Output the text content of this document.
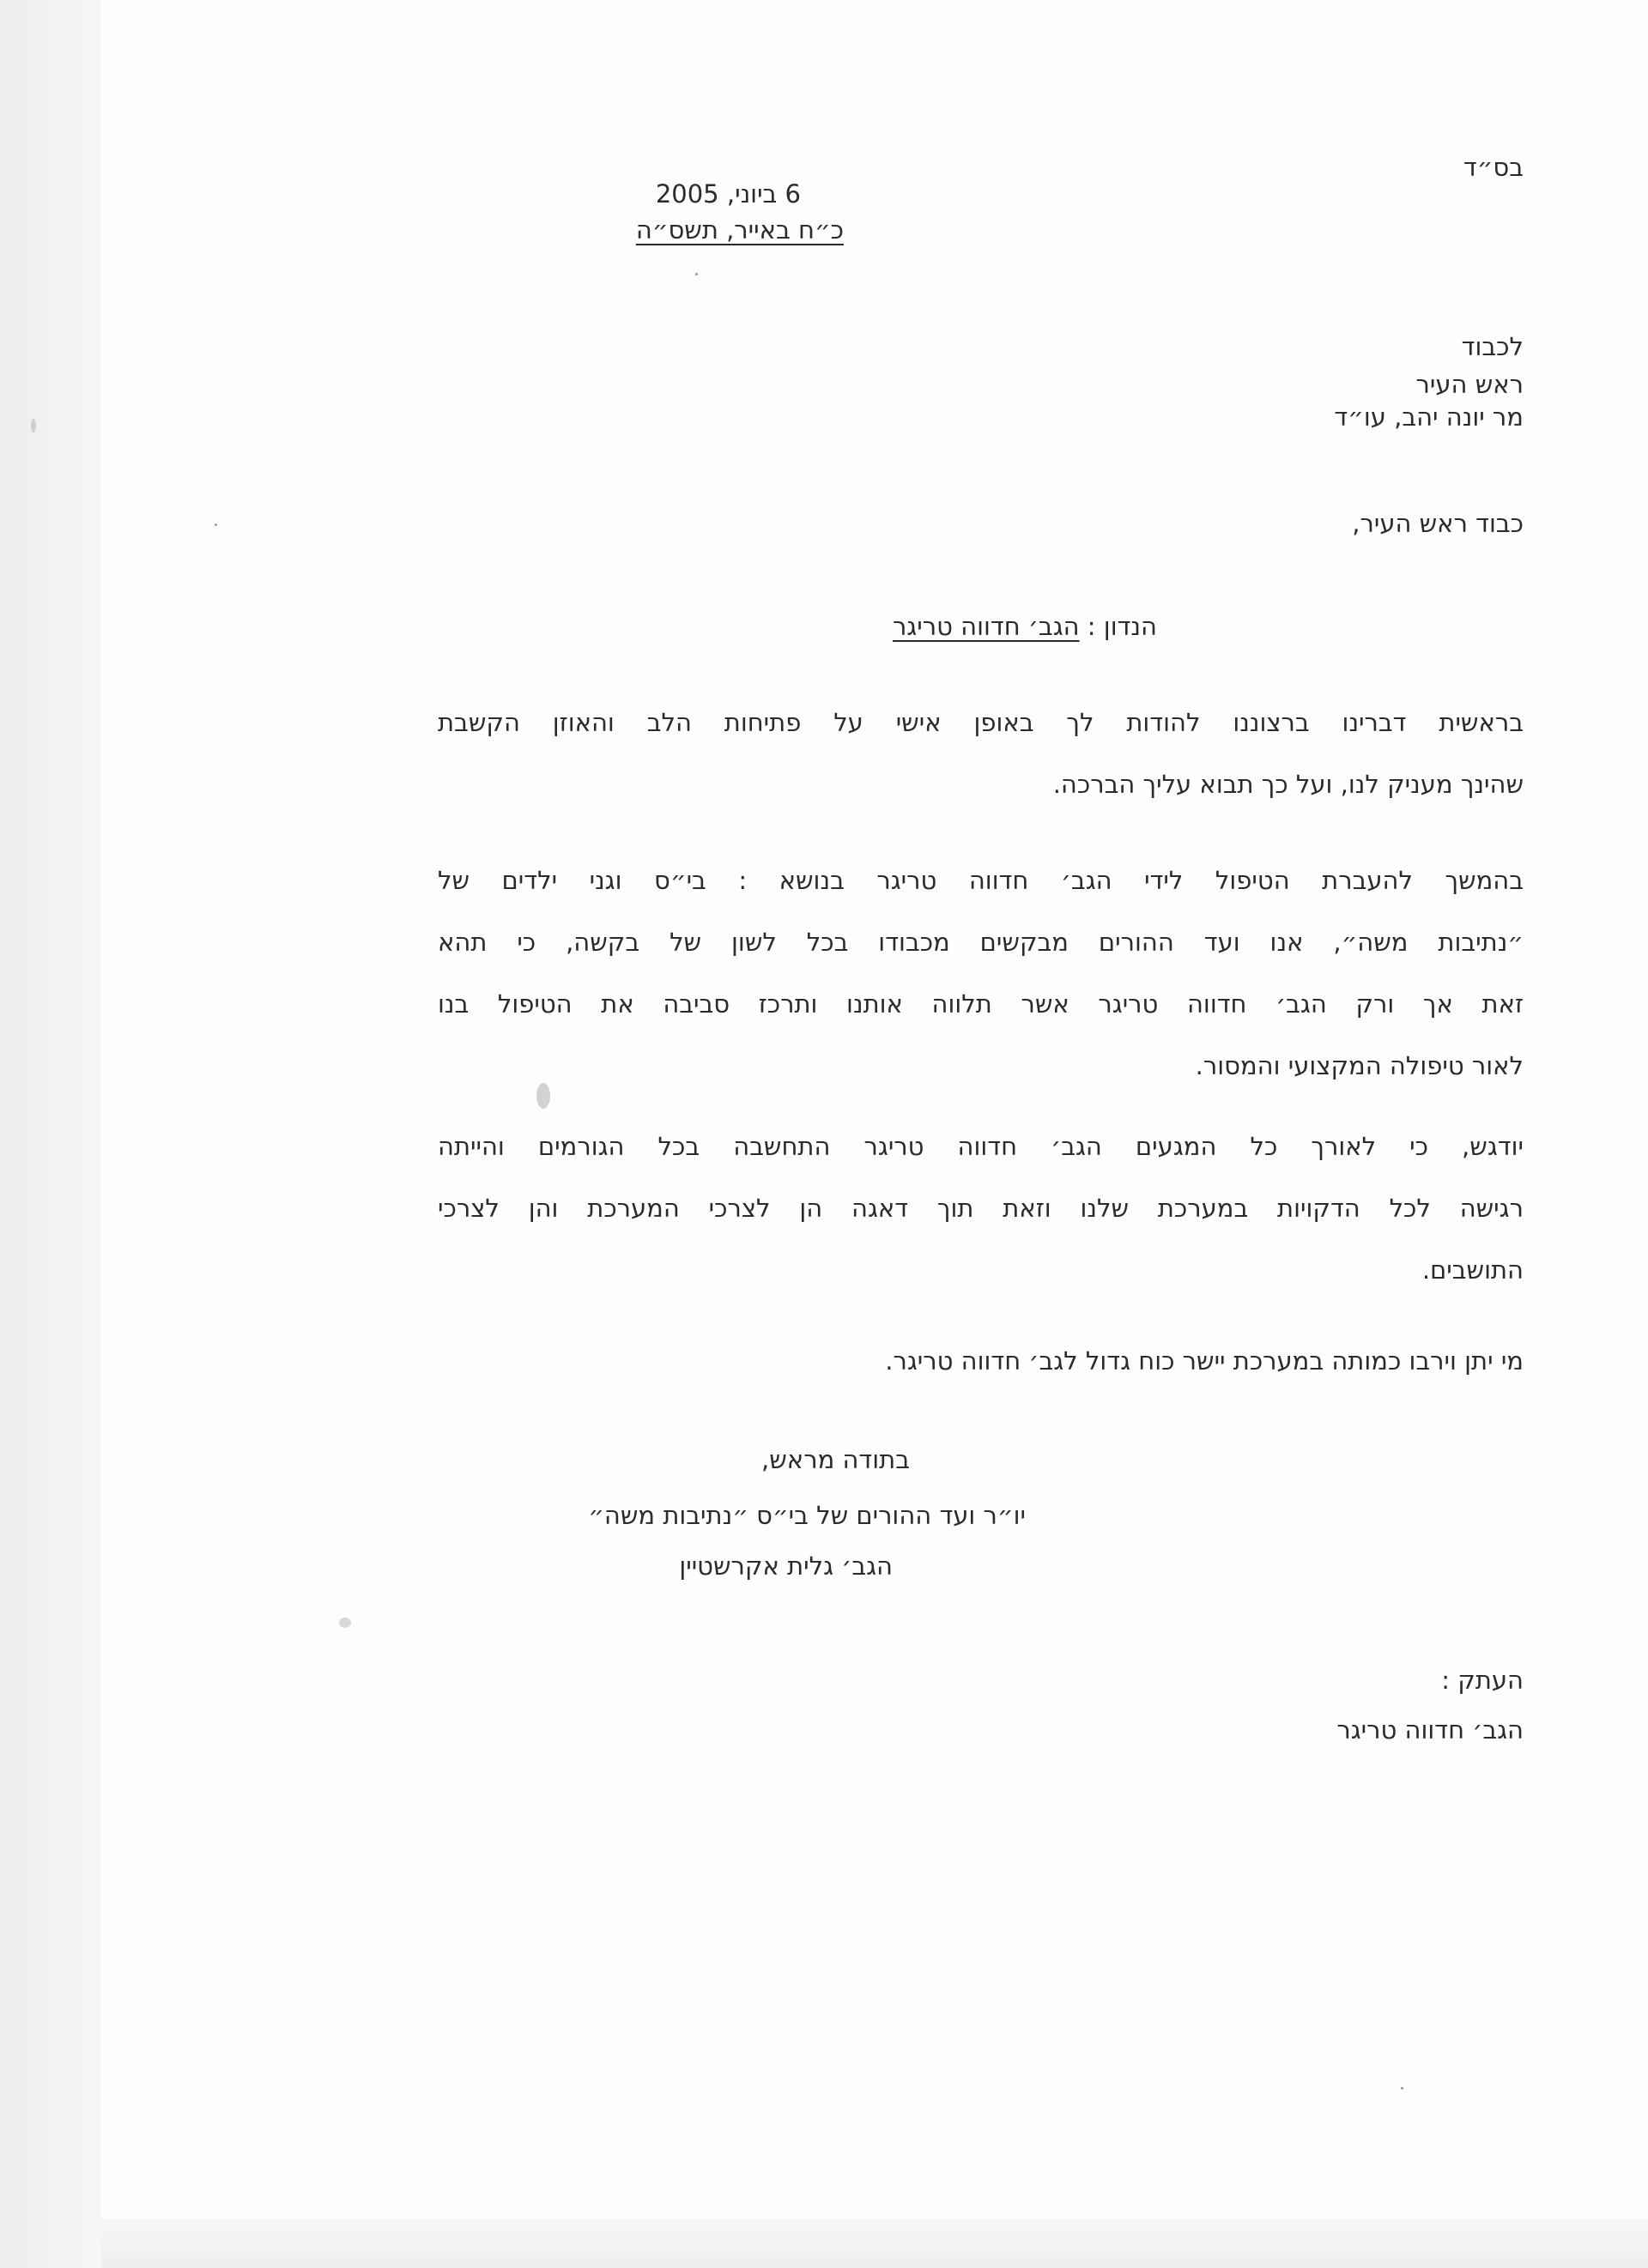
בס״ד
6 ביוני, 2005
כ״ח באייר, תשס״ה
לכבוד
ראש העיר
מר יונה יהב, עו״ד
כבוד ראש העיר,
הנדון : הגב׳ חדווה טריגר
בראשית דברינו ברצוננו להודות לך באופן אישי על פתיחות הלב והאוזן הקשבת
שהינך מעניק לנו, ועל כך תבוא עליך הברכה.
בהמשך להעברת הטיפול לידי הגב׳ חדווה טריגר בנושא : בי״ס וגני ילדים של
״נתיבות משה״, אנו ועד ההורים מבקשים מכבודו בכל לשון של בקשה, כי תהא
זאת אך ורק הגב׳ חדווה טריגר אשר תלווה אותנו ותרכז סביבה את הטיפול בנו
לאור טיפולה המקצועי והמסור.
יודגש, כי לאורך כל המגעים הגב׳ חדווה טריגר התחשבה בכל הגורמים והייתה
רגישה לכל הדקויות במערכת שלנו וזאת תוך דאגה הן לצרכי המערכת והן לצרכי
התושבים.
מי יתן וירבו כמותה במערכת יישר כוח גדול לגב׳ חדווה טריגר.
בתודה מראש,
יו״ר ועד ההורים של בי״ס ״נתיבות משה״
הגב׳ גלית אקרשטיין
העתק :
הגב׳ חדווה טריגר
